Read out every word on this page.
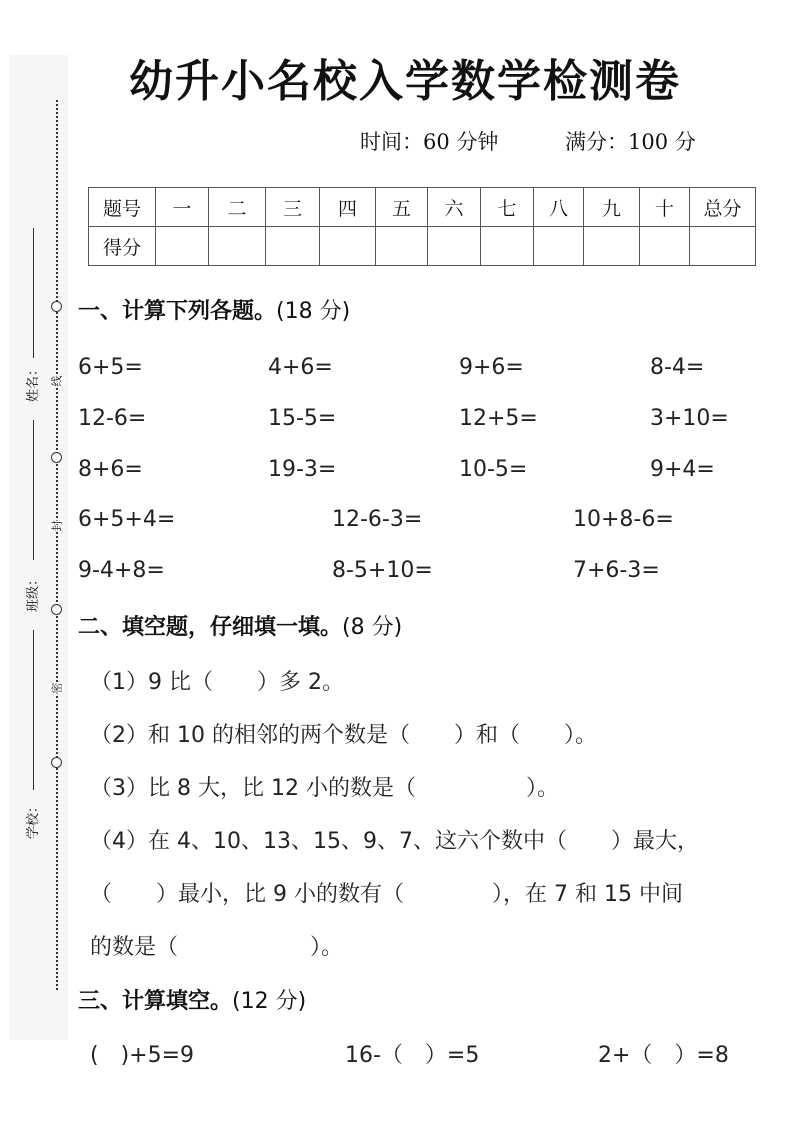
线
封
密
姓名：
班级：
学校：
幼升小名校入学数学检测卷
时间：60 分钟	满分：100 分
题号	一	二	三	四	五	六	七	八	九	十	总分
得分											
一、计算下列各题。(18 分)
6+5=	4+6=	9+6=	8-4=
12-6=	15-5=	12+5=	3+10=
8+6=	19-3=	10-5=	9+4=
6+5+4=	12-6-3=	10+8-6=
9-4+8=	8-5+10=	7+6-3=
二、填空题，仔细填一填。(8 分)
（1）9 比（　　）多 2。
（2）和 10 的相邻的两个数是（　　）和（　　）。
（3）比 8 大，比 12 小的数是（　　　　　）。
（4）在 4、10、13、15、9、7、这六个数中（　　）最大，
（　　）最小，比 9 小的数有（　　　　），在 7 和 15 中间
的数是（　　　　　　）。
三、计算填空。(12 分)
(　)+5=9	16-（　）=5	2+（　）=8
